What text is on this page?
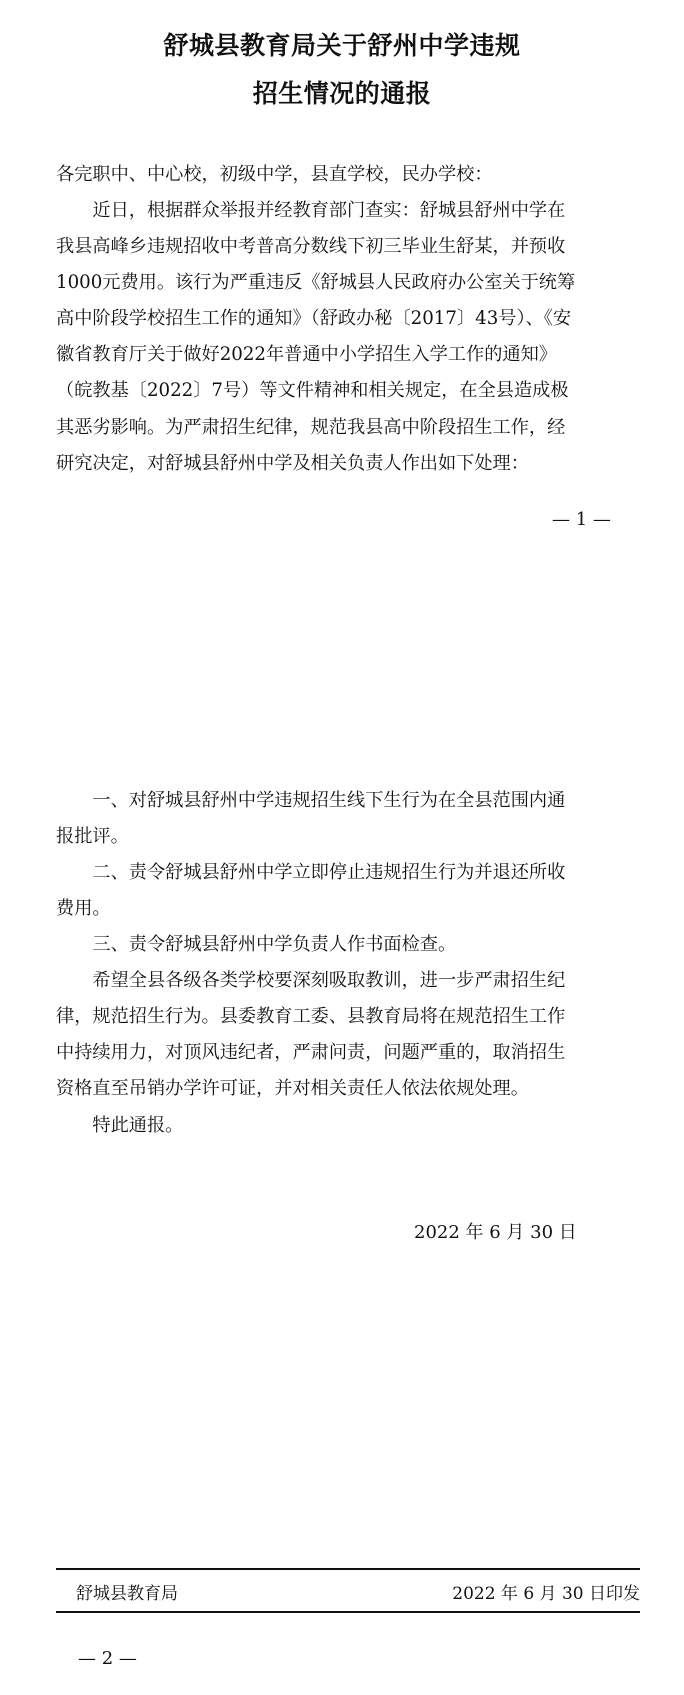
舒城县教育局关于舒州中学违规
招生情况的通报

各完职中、中心校，初级中学，县直学校，民办学校：

　　近日，根据群众举报并经教育部门查实：舒城县舒州中学在

我县高峰乡违规招收中考普高分数线下初三毕业生舒某，并预收

1000元费用。该行为严重违反《舒城县人民政府办公室关于统筹

高中阶段学校招生工作的通知》（舒政办秘〔2017〕43号）、《安

徽省教育厅关于做好2022年普通中小学招生入学工作的通知》

（皖教基〔2022〕7号）等文件精神和相关规定，在全县造成极

其恶劣影响。为严肃招生纪律，规范我县高中阶段招生工作，经

研究决定，对舒城县舒州中学及相关负责人作出如下处理：

— 1 —

　　一、对舒城县舒州中学违规招生线下生行为在全县范围内通

报批评。

　　二、责令舒城县舒州中学立即停止违规招生行为并退还所收

费用。

　　三、责令舒城县舒州中学负责人作书面检查。

　　希望全县各级各类学校要深刻吸取教训，进一步严肃招生纪

律，规范招生行为。县委教育工委、县教育局将在规范招生工作

中持续用力，对顶风违纪者，严肃问责，问题严重的，取消招生

资格直至吊销办学许可证，并对相关责任人依法依规处理。

　　特此通报。

2022 年 6 月 30 日

舒城县教育局	2022 年 6 月 30 日印发

— 2 —
